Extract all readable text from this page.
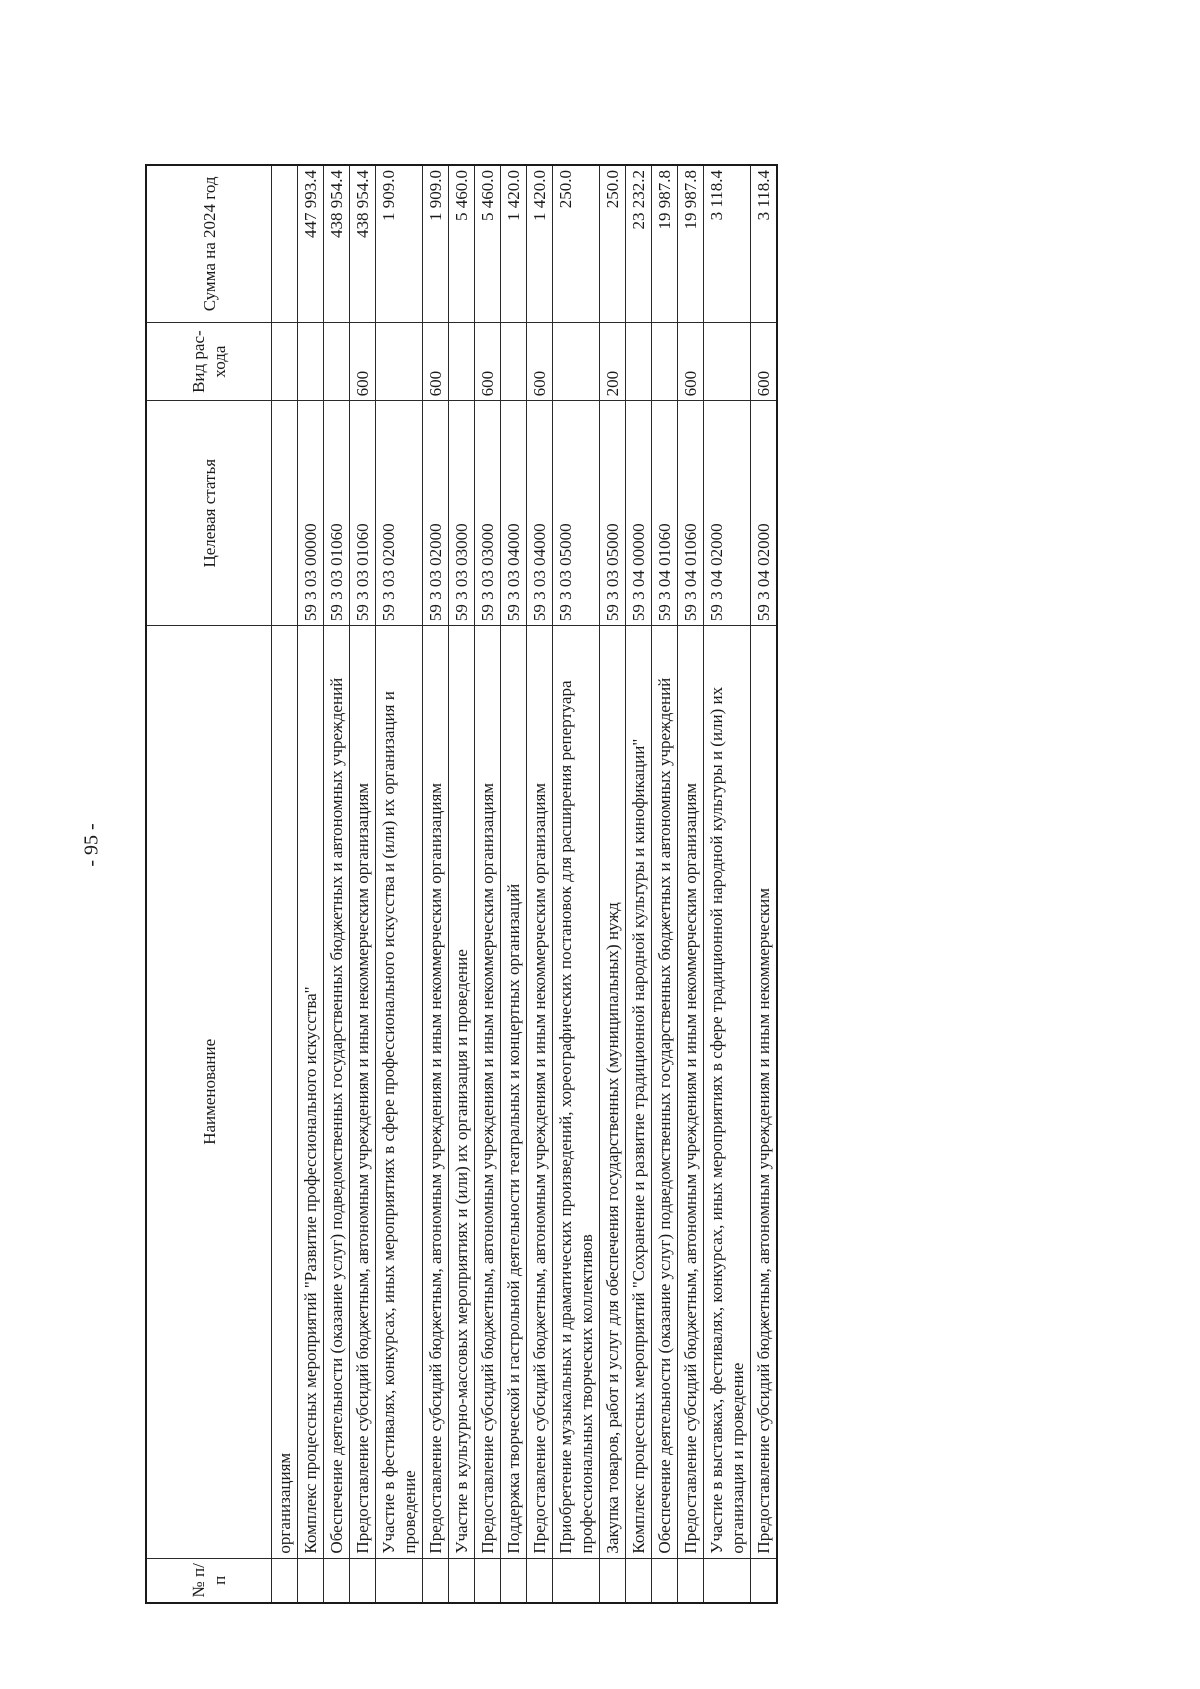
- 95 -
№ п/п	Наименование	Целевая статья	Вид рас- хода	Сумма на 2024 год
	организациям			
	Комплекс процессных мероприятий "Развитие профессионального искусства"	59 3 03 00000		447 993.4
	Обеспечение деятельности (оказание услуг) подведомственных государственных бюджетных и автономных учреждений	59 3 03 01060		438 954.4
	Предоставление субсидий бюджетным, автономным учреждениям и иным некоммерческим организациям	59 3 03 01060	600	438 954.4
	Участие в фестивалях, конкурсах, иных мероприятиях в сфере профессионального искусства и (или) их организация и проведение	59 3 03 02000		1 909.0
	Предоставление субсидий бюджетным, автономным учреждениям и иным некоммерческим организациям	59 3 03 02000	600	1 909.0
	Участие в культурно-массовых мероприятиях и (или) их организация и проведение	59 3 03 03000		5 460.0
	Предоставление субсидий бюджетным, автономным учреждениям и иным некоммерческим организациям	59 3 03 03000	600	5 460.0
	Поддержка творческой и гастрольной деятельности театральных и концертных организаций	59 3 03 04000		1 420.0
	Предоставление субсидий бюджетным, автономным учреждениям и иным некоммерческим организациям	59 3 03 04000	600	1 420.0
	Приобретение музыкальных и драматических произведений, хореографических постановок для расширения репертуара профессиональных творческих коллективов	59 3 03 05000		250.0
	Закупка товаров, работ и услуг для обеспечения государственных (муниципальных) нужд	59 3 03 05000	200	250.0
	Комплекс процессных мероприятий "Сохранение и развитие традиционной народной культуры и кинофикации"	59 3 04 00000		23 232.2
	Обеспечение деятельности (оказание услуг) подведомственных государственных бюджетных и автономных учреждений	59 3 04 01060		19 987.8
	Предоставление субсидий бюджетным, автономным учреждениям и иным некоммерческим организациям	59 3 04 01060	600	19 987.8
	Участие в выставках, фестивалях, конкурсах, иных мероприятиях в сфере традиционной народной культуры и (или) их организация и проведение	59 3 04 02000		3 118.4
	Предоставление субсидий бюджетным, автономным учреждениям и иным некоммерческим	59 3 04 02000	600	3 118.4
